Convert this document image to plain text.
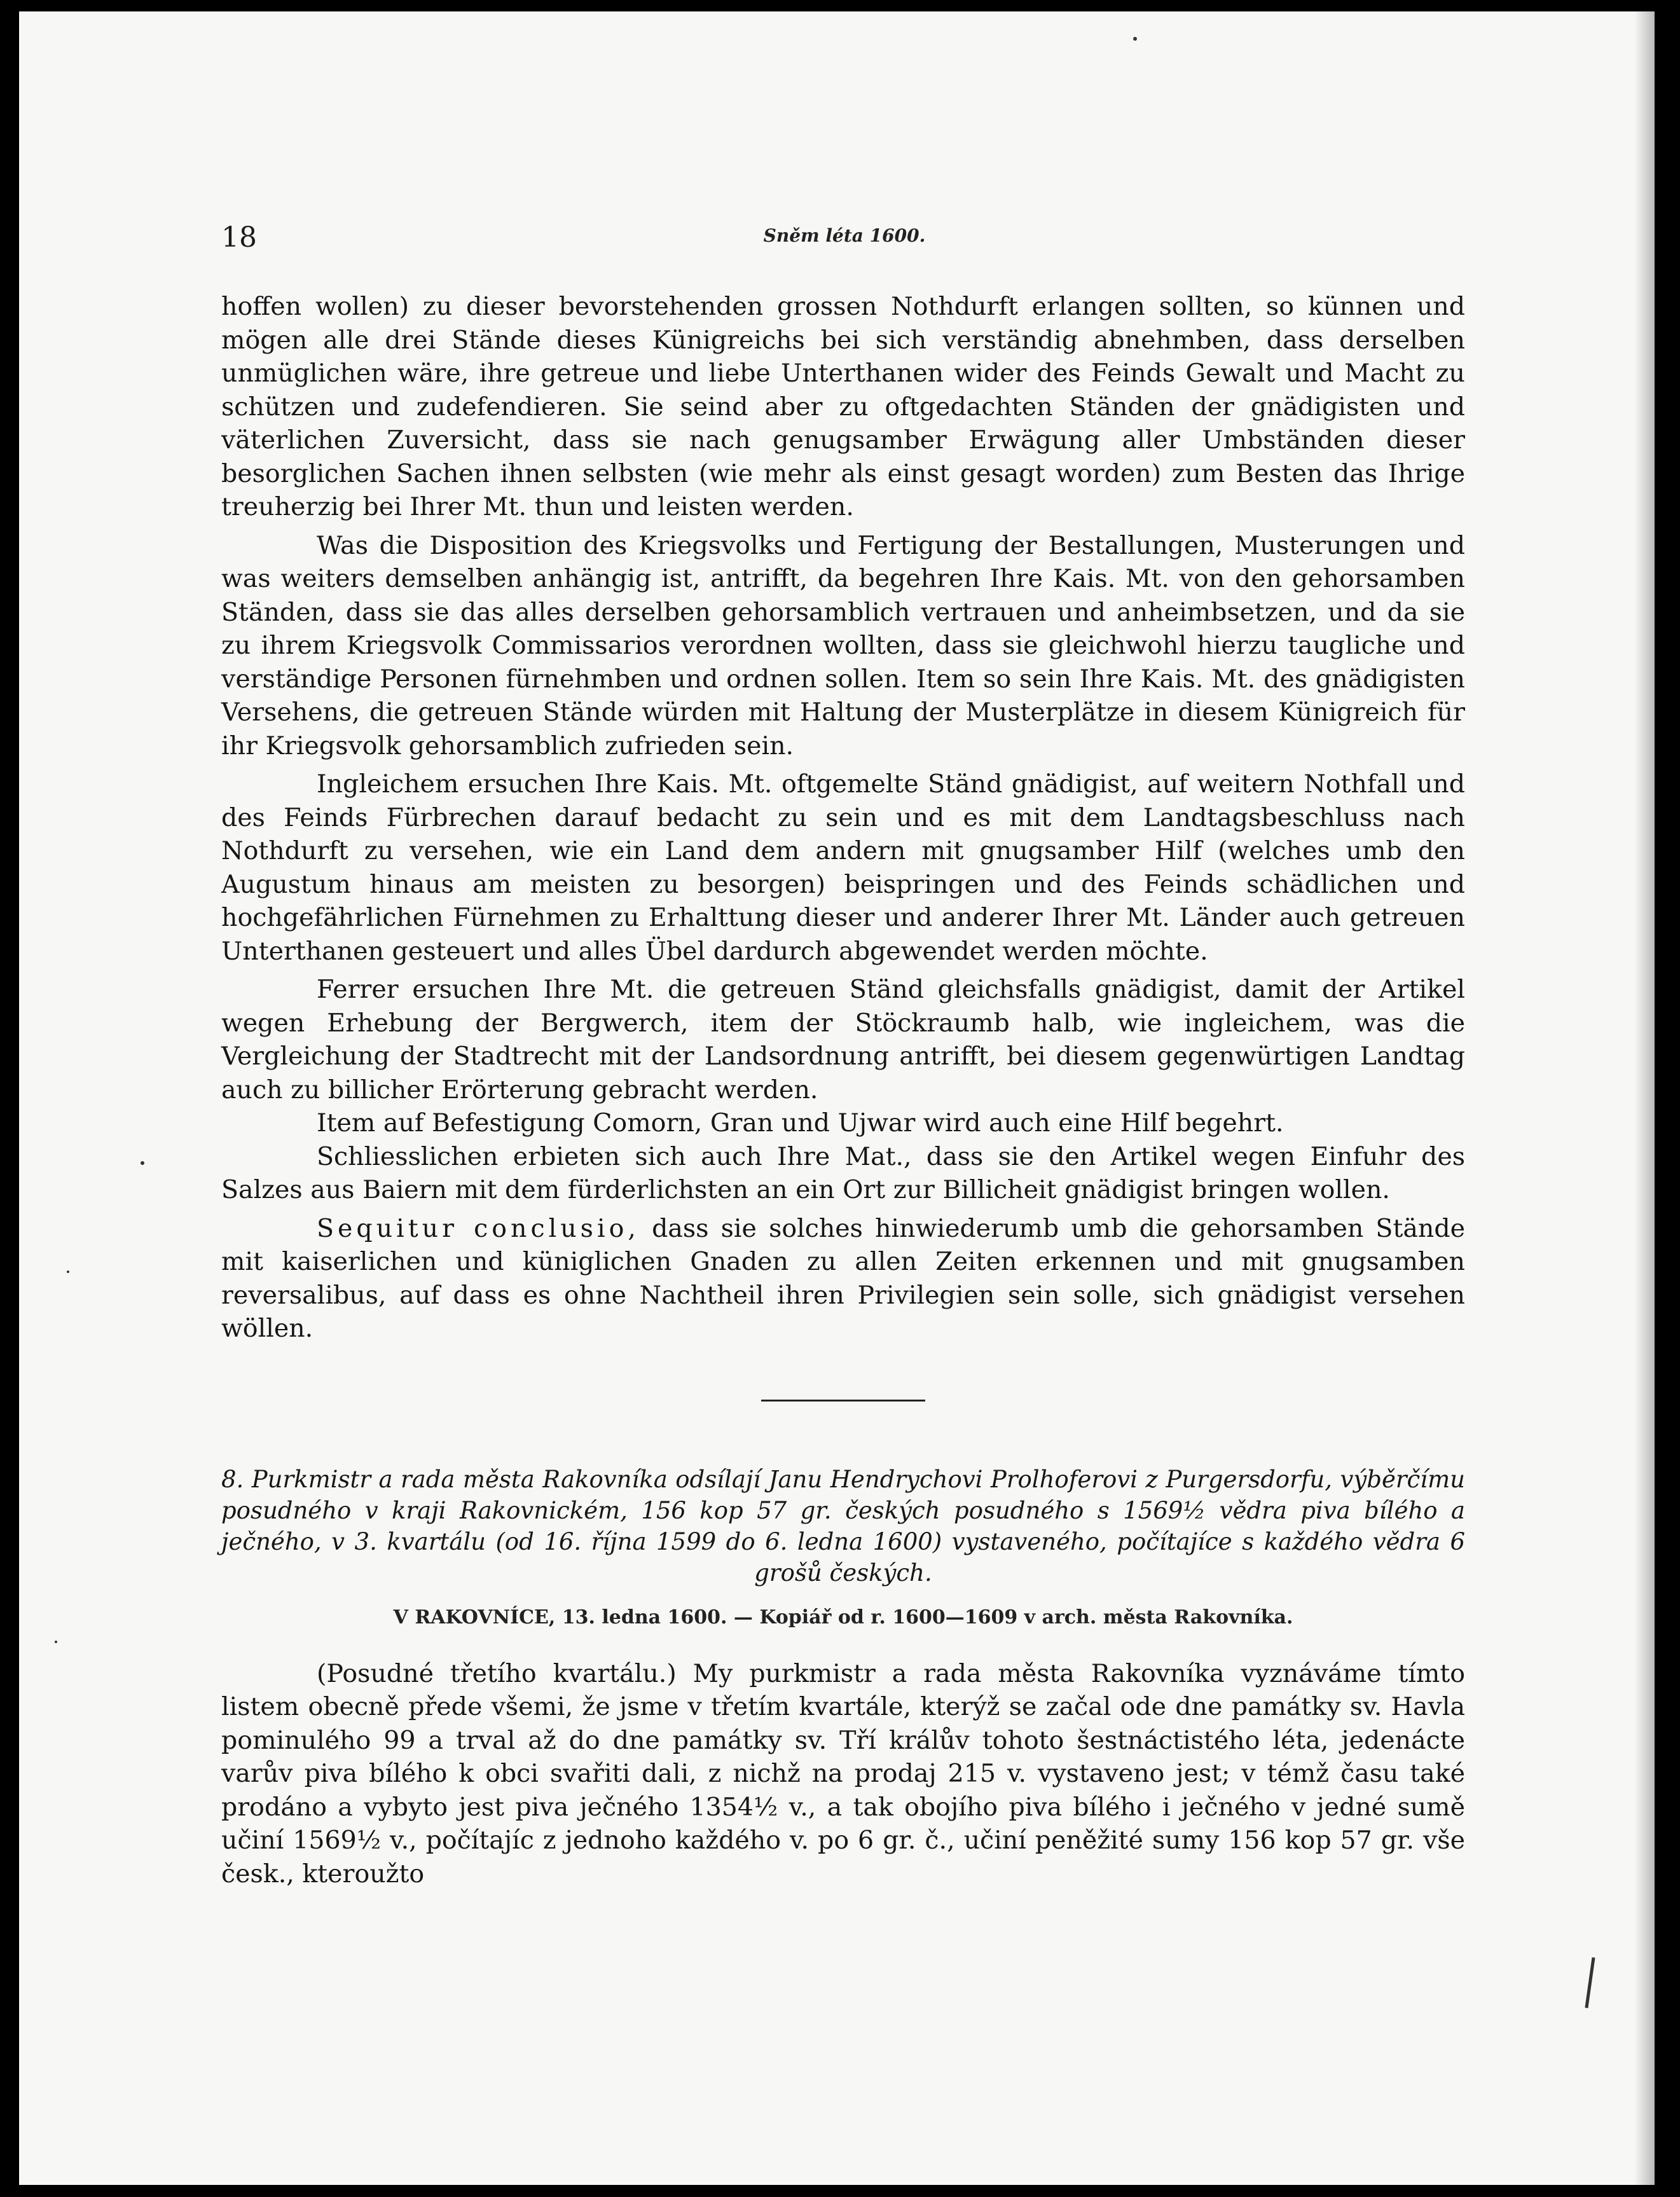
18	Sněm léta 1600.

hoffen wollen) zu dieser bevorstehenden grossen Nothdurft erlangen sollten, so künnen und mögen alle drei Stände dieses Künigreichs bei sich verständig abnehmben, dass derselben unmüglichen wäre, ihre getreue und liebe Unterthanen wider des Feinds Gewalt und Macht zu schützen und zudefendieren. Sie seind aber zu oftgedachten Ständen der gnädigisten und väterlichen Zuversicht, dass sie nach genugsamber Erwägung aller Umbständen dieser besorglichen Sachen ihnen selbsten (wie mehr als einst gesagt worden) zum Besten das Ihrige treuherzig bei Ihrer Mt. thun und leisten werden.

Was die Disposition des Kriegsvolks und Fertigung der Bestallungen, Musterungen und was weiters demselben anhängig ist, antrifft, da begehren Ihre Kais. Mt. von den gehorsamben Ständen, dass sie das alles derselben gehorsamblich vertrauen und anheimbsetzen, und da sie zu ihrem Kriegsvolk Commissarios verordnen wollten, dass sie gleichwohl hierzu taugliche und verständige Personen fürnehmben und ordnen sollen. Item so sein Ihre Kais. Mt. des gnädigisten Versehens, die getreuen Stände würden mit Haltung der Musterplätze in diesem Künigreich für ihr Kriegsvolk gehorsamblich zufrieden sein.

Ingleichem ersuchen Ihre Kais. Mt. oftgemelte Ständ gnädigist, auf weitern Nothfall und des Feinds Fürbrechen darauf bedacht zu sein und es mit dem Landtagsbeschluss nach Nothdurft zu versehen, wie ein Land dem andern mit gnugsamber Hilf (welches umb den Augustum hinaus am meisten zu besorgen) beispringen und des Feinds schädlichen und hochgefährlichen Fürnehmen zu Erhalttung dieser und anderer Ihrer Mt. Länder auch getreuen Unterthanen gesteuert und alles Übel dardurch abgewendet werden möchte.

Ferrer ersuchen Ihre Mt. die getreuen Ständ gleichsfalls gnädigist, damit der Artikel wegen Erhebung der Bergwerch, item der Stöckraumb halb, wie ingleichem, was die Vergleichung der Stadtrecht mit der Landsordnung antrifft, bei diesem gegenwürtigen Landtag auch zu billicher Erörterung gebracht werden.

Item auf Befestigung Comorn, Gran und Ujwar wird auch eine Hilf begehrt.

Schliesslichen erbieten sich auch Ihre Mat., dass sie den Artikel wegen Einfuhr des Salzes aus Baiern mit dem fürderlichsten an ein Ort zur Billicheit gnädigist bringen wollen.

Sequitur conclusio, dass sie solches hinwiederumb umb die gehorsamben Stände mit kaiserlichen und küniglichen Gnaden zu allen Zeiten erkennen und mit gnugsamben reversalibus, auf dass es ohne Nachtheil ihren Privilegien sein solle, sich gnädigist versehen wöllen.

8. Purkmistr a rada města Rakovníka odsílají Janu Hendrychovi Prolhoferovi z Purgersdorfu, výběrčímu posudného v kraji Rakovnickém, 156 kop 57 gr. českých posudného s 1569½ vědra piva bílého a ječného, v 3. kvartálu (od 16. října 1599 do 6. ledna 1600) vystaveného, počítajíce s každého vědra 6 grošů českých.

V RAKOVNÍCE, 13. ledna 1600. — Kopiář od r. 1600—1609 v arch. města Rakovníka.

(Posudné třetího kvartálu.) My purkmistr a rada města Rakovníka vyznáváme tímto listem obecně přede všemi, že jsme v třetím kvartále, kterýž se začal ode dne památky sv. Havla pominulého 99 a trval až do dne památky sv. Tří králův tohoto šestnáctistého léta, jedenácte varův piva bílého k obci svařiti dali, z nichž na prodaj 215 v. vystaveno jest; v témž času také prodáno a vybyto jest piva ječného 1354½ v., a tak obojího piva bílého i ječného v jedné sumě učiní 1569½ v., počítajíc z jednoho každého v. po 6 gr. č., učiní peněžité sumy 156 kop 57 gr. vše česk., kteroužto
